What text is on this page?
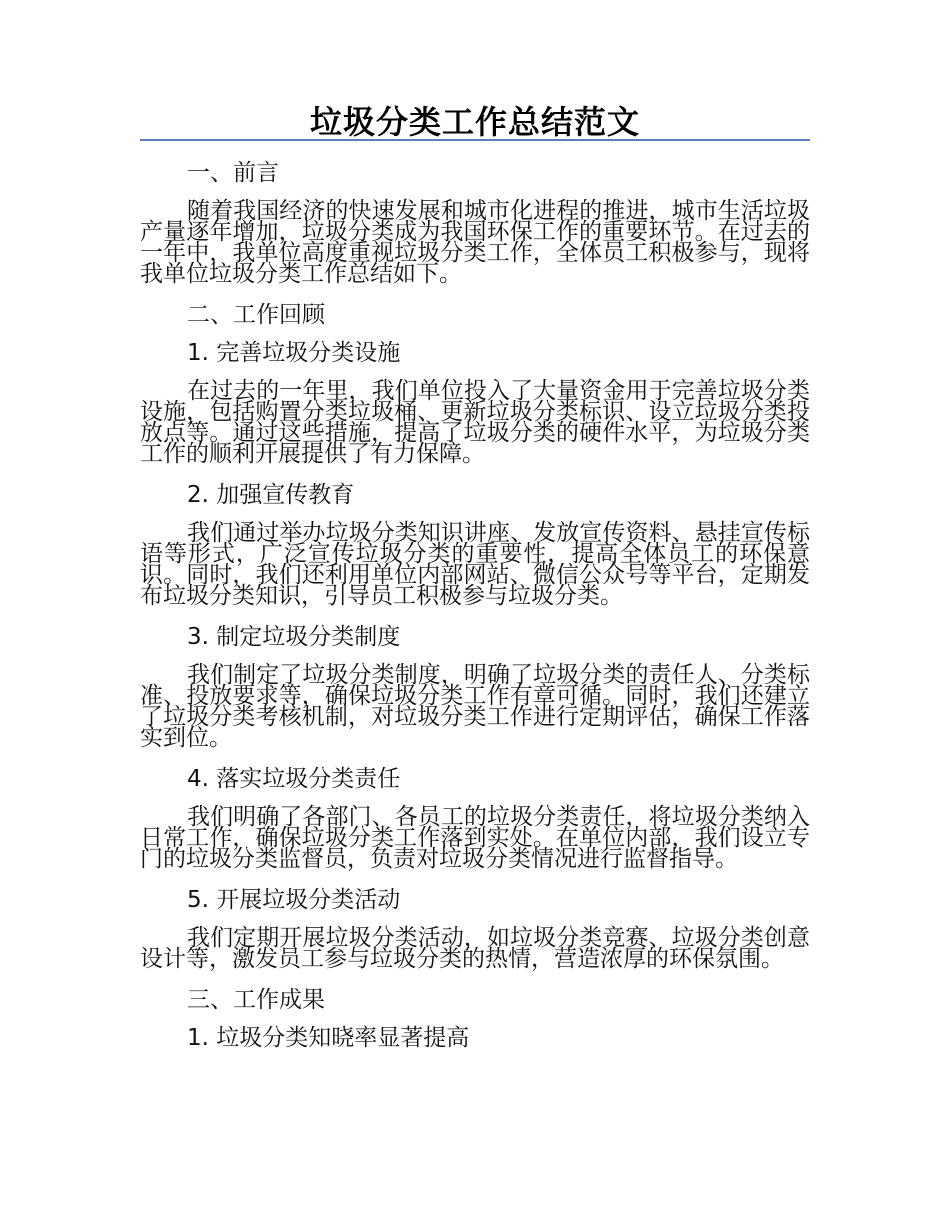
垃圾分类工作总结范文

一、前言

随着我国经济的快速发展和城市化进程的推进，城市生活垃圾产量逐年增加，垃圾分类成为我国环保工作的重要环节。在过去的一年中，我单位高度重视垃圾分类工作，全体员工积极参与，现将我单位垃圾分类工作总结如下。

二、工作回顾

1. 完善垃圾分类设施

在过去的一年里，我们单位投入了大量资金用于完善垃圾分类设施，包括购置分类垃圾桶、更新垃圾分类标识、设立垃圾分类投放点等。通过这些措施，提高了垃圾分类的硬件水平，为垃圾分类工作的顺利开展提供了有力保障。

2. 加强宣传教育

我们通过举办垃圾分类知识讲座、发放宣传资料、悬挂宣传标语等形式，广泛宣传垃圾分类的重要性，提高全体员工的环保意识。同时，我们还利用单位内部网站、微信公众号等平台，定期发布垃圾分类知识，引导员工积极参与垃圾分类。

3. 制定垃圾分类制度

我们制定了垃圾分类制度，明确了垃圾分类的责任人、分类标准、投放要求等，确保垃圾分类工作有章可循。同时，我们还建立了垃圾分类考核机制，对垃圾分类工作进行定期评估，确保工作落实到位。

4. 落实垃圾分类责任

我们明确了各部门、各员工的垃圾分类责任，将垃圾分类纳入日常工作，确保垃圾分类工作落到实处。在单位内部，我们设立专门的垃圾分类监督员，负责对垃圾分类情况进行监督指导。

5. 开展垃圾分类活动

我们定期开展垃圾分类活动，如垃圾分类竞赛、垃圾分类创意设计等，激发员工参与垃圾分类的热情，营造浓厚的环保氛围。

三、工作成果

1. 垃圾分类知晓率显著提高
